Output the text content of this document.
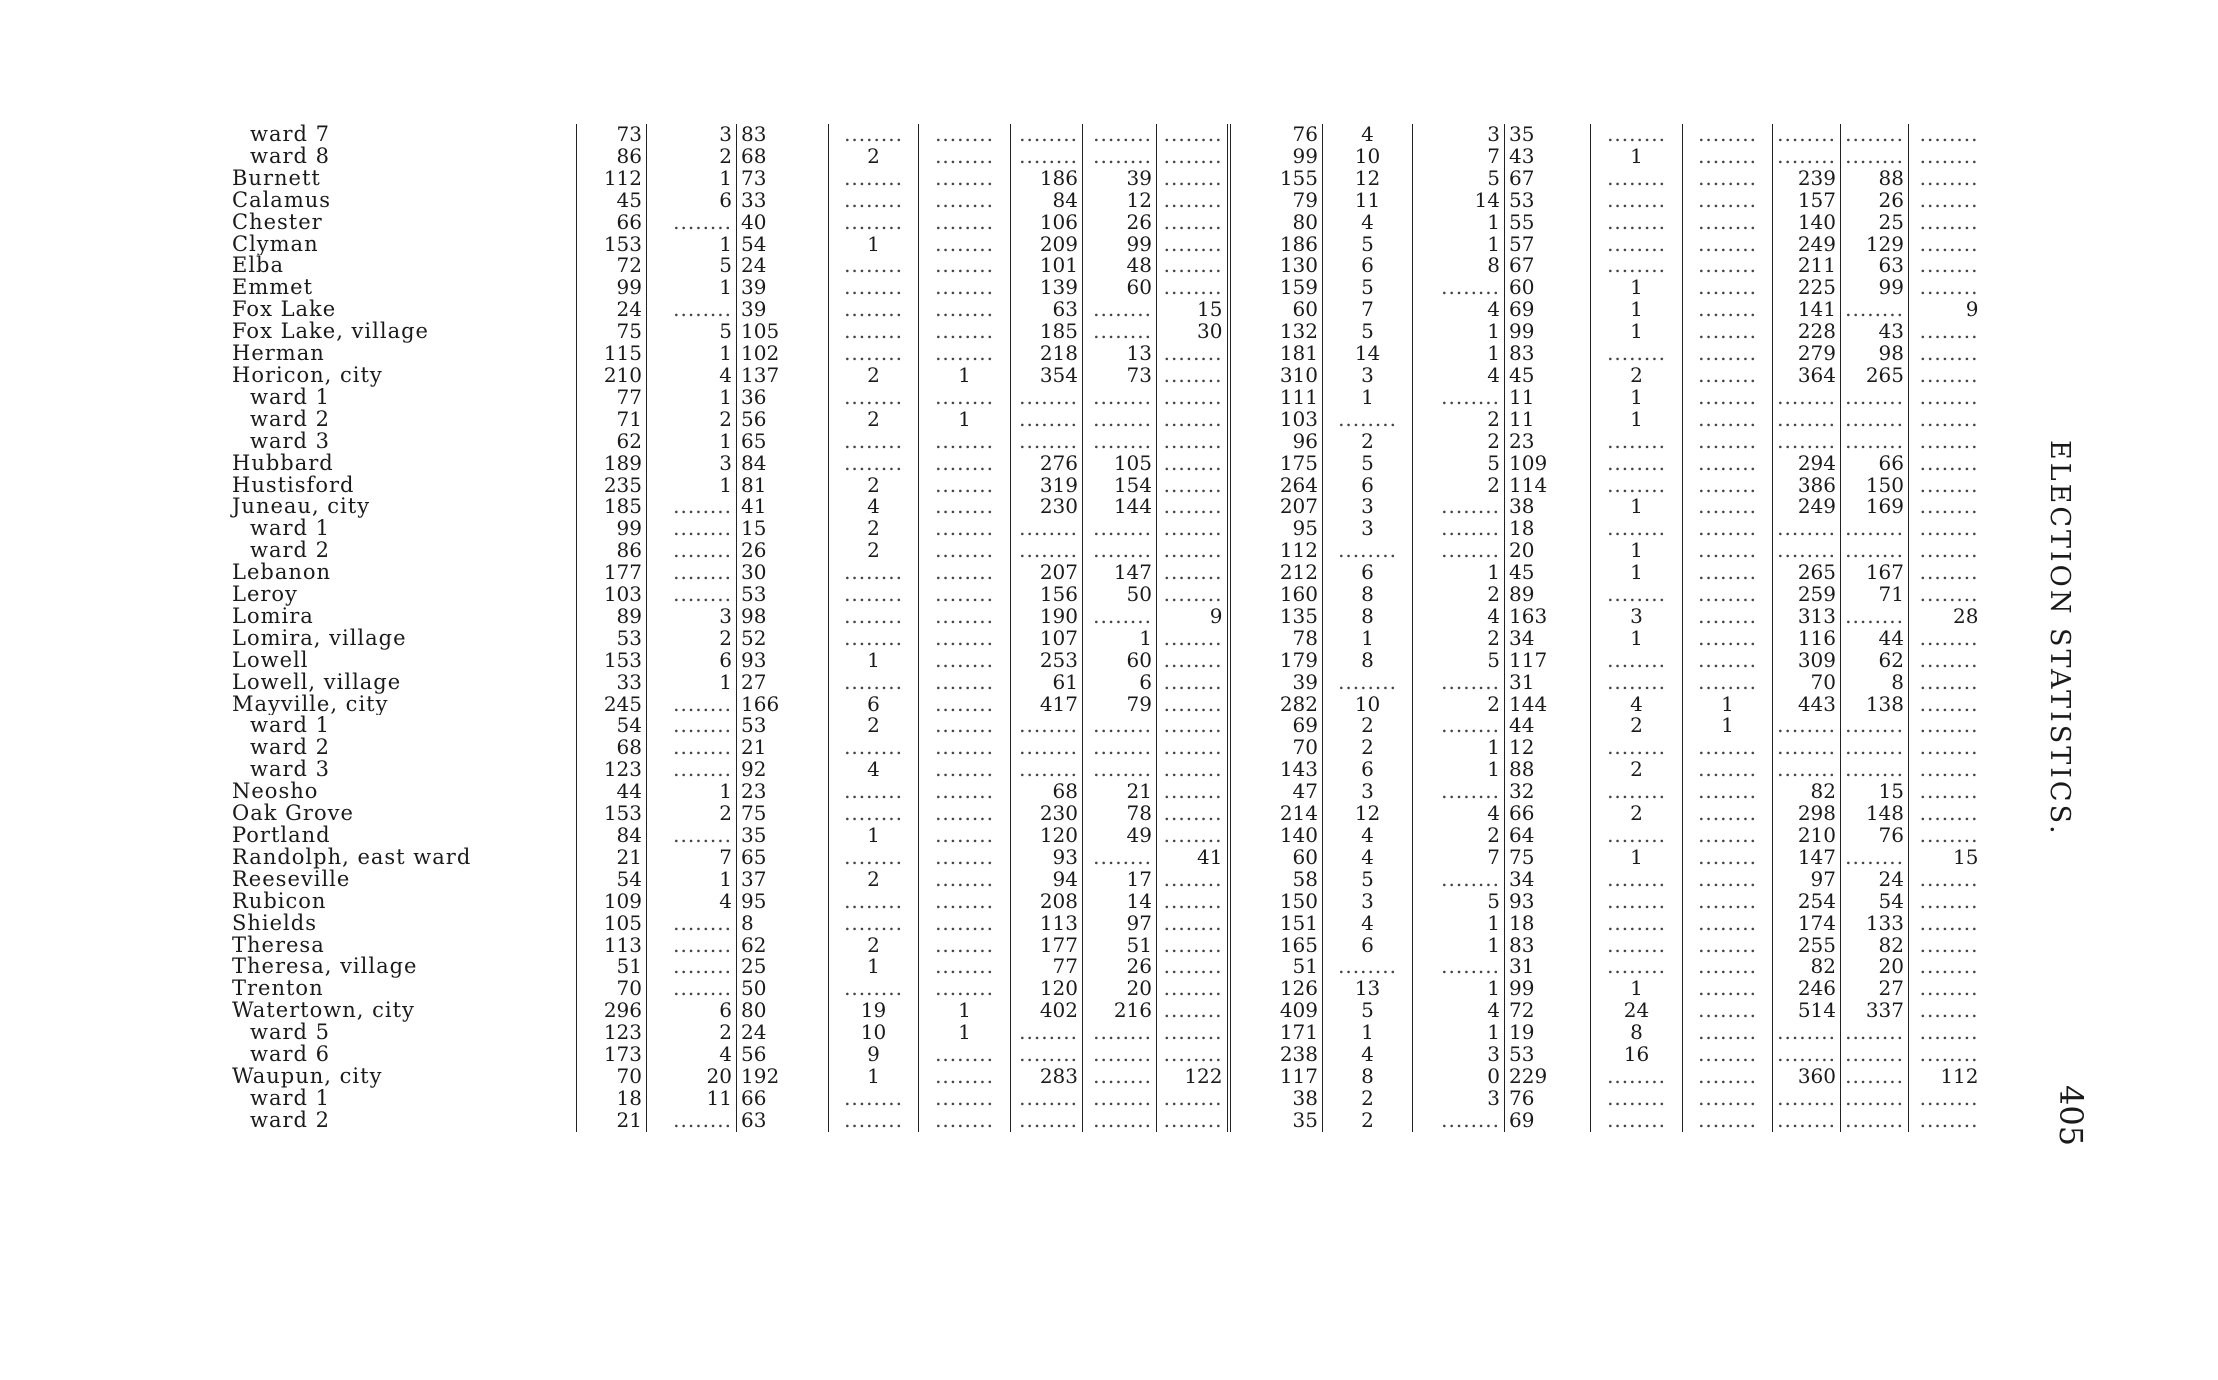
ward 7	73	3	83	........	........	........	........	........	76	4	3	35	........	........	........	........	........
ward 8	86	2	68	2	........	........	........	........	99	10	7	43	1	........	........	........	........
Burnett	112	1	73	........	........	186	39	........	155	12	5	67	........	........	239	88	........
Calamus	45	6	33	........	........	84	12	........	79	11	14	53	........	........	157	26	........
Chester	66	........	40	........	........	106	26	........	80	4	1	55	........	........	140	25	........
Clyman	153	1	54	1	........	209	99	........	186	5	1	57	........	........	249	129	........
Elba	72	5	24	........	........	101	48	........	130	6	8	67	........	........	211	63	........
Emmet	99	1	39	........	........	139	60	........	159	5	........	60	1	........	225	99	........
Fox Lake	24	........	39	........	........	63	........	15	60	7	4	69	1	........	141	........	9
Fox Lake, village	75	5	105	........	........	185	........	30	132	5	1	99	1	........	228	43	........
Herman	115	1	102	........	........	218	13	........	181	14	1	83	........	........	279	98	........
Horicon, city	210	4	137	2	1	354	73	........	310	3	4	45	2	........	364	265	........
ward 1	77	1	36	........	........	........	........	........	111	1	........	11	1	........	........	........	........
ward 2	71	2	56	2	1	........	........	........	103	........	2	11	1	........	........	........	........
ward 3	62	1	65	........	........	........	........	........	96	2	2	23	........	........	........	........	........
Hubbard	189	3	84	........	........	276	105	........	175	5	5	109	........	........	294	66	........
Hustisford	235	1	81	2	........	319	154	........	264	6	2	114	........	........	386	150	........
Juneau, city	185	........	41	4	........	230	144	........	207	3	........	38	1	........	249	169	........
ward 1	99	........	15	2	........	........	........	........	95	3	........	18	........	........	........	........	........
ward 2	86	........	26	2	........	........	........	........	112	........	........	20	1	........	........	........	........
Lebanon	177	........	30	........	........	207	147	........	212	6	1	45	1	........	265	167	........
Leroy	103	........	53	........	........	156	50	........	160	8	2	89	........	........	259	71	........
Lomira	89	3	98	........	........	190	........	9	135	8	4	163	3	........	313	........	28
Lomira, village	53	2	52	........	........	107	1	........	78	1	2	34	1	........	116	44	........
Lowell	153	6	93	1	........	253	60	........	179	8	5	117	........	........	309	62	........
Lowell, village	33	1	27	........	........	61	6	........	39	........	........	31	........	........	70	8	........
Mayville, city	245	........	166	6	........	417	79	........	282	10	2	144	4	1	443	138	........
ward 1	54	........	53	2	........	........	........	........	69	2	........	44	2	1	........	........	........
ward 2	68	........	21	........	........	........	........	........	70	2	1	12	........	........	........	........	........
ward 3	123	........	92	4	........	........	........	........	143	6	1	88	2	........	........	........	........
Neosho	44	1	23	........	........	68	21	........	47	3	........	32	........	........	82	15	........
Oak Grove	153	2	75	........	........	230	78	........	214	12	4	66	2	........	298	148	........
Portland	84	........	35	1	........	120	49	........	140	4	2	64	........	........	210	76	........
Randolph, east ward	21	7	65	........	........	93	........	41	60	4	7	75	1	........	147	........	15
Reeseville	54	1	37	2	........	94	17	........	58	5	........	34	........	........	97	24	........
Rubicon	109	4	95	........	........	208	14	........	150	3	5	93	........	........	254	54	........
Shields	105	........	8	........	........	113	97	........	151	4	1	18	........	........	174	133	........
Theresa	113	........	62	2	........	177	51	........	165	6	1	83	........	........	255	82	........
Theresa, village	51	........	25	1	........	77	26	........	51	........	........	31	........	........	82	20	........
Trenton	70	........	50	........	........	120	20	........	126	13	1	99	1	........	246	27	........
Watertown, city	296	6	80	19	1	402	216	........	409	5	4	72	24	........	514	337	........
ward 5	123	2	24	10	1	........	........	........	171	1	1	19	8	........	........	........	........
ward 6	173	4	56	9	........	........	........	........	238	4	3	53	16	........	........	........	........
Waupun, city	70	20	192	1	........	283	........	122	117	8	0	229	........	........	360	........	112
ward 1	18	11	66	........	........	........	........	........	38	2	3	76	........	........	........	........	........
ward 2	21	........	63	........	........	........	........	........	35	2	........	69	........	........	........	........	........
ELECTION STATISTICS.
405
